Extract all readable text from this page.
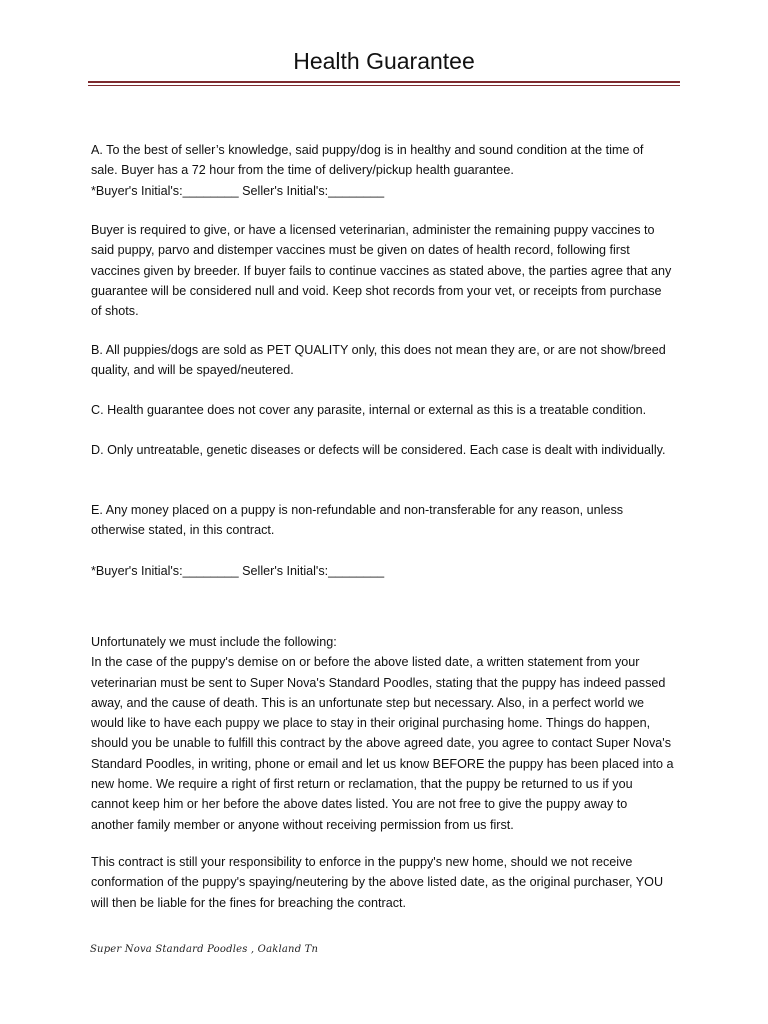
Health Guarantee
A. To the best of seller’s knowledge, said puppy/dog is in healthy and sound condition at the time of
sale. Buyer has a 72 hour from the time of delivery/pickup health guarantee.
*Buyer's Initial's:________ Seller's Initial's:________
Buyer is required to give, or have a licensed veterinarian, administer the remaining puppy vaccines to
said puppy, parvo and distemper vaccines must be given on dates of health record, following first
vaccines given by breeder. If buyer fails to continue vaccines as stated above, the parties agree that any
guarantee will be considered null and void. Keep shot records from your vet, or receipts from purchase
of shots.
B. All puppies/dogs are sold as PET QUALITY only, this does not mean they are, or are not show/breed
quality, and will be spayed/neutered.
C. Health guarantee does not cover any parasite, internal or external as this is a treatable condition.
D. Only untreatable, genetic diseases or defects will be considered. Each case is dealt with individually.
E. Any money placed on a puppy is non-refundable and non-transferable for any reason, unless
otherwise stated, in this contract.
*Buyer's Initial's:________ Seller's Initial's:________
Unfortunately we must include the following:
In the case of the puppy's demise on or before the above listed date, a written statement from your
veterinarian must be sent to Super Nova's Standard Poodles, stating that the puppy has indeed passed
away, and the cause of death. This is an unfortunate step but necessary. Also, in a perfect world we
would like to have each puppy we place to stay in their original purchasing home. Things do happen,
should you be unable to fulfill this contract by the above agreed date, you agree to contact Super Nova's
Standard Poodles, in writing, phone or email and let us know BEFORE the puppy has been placed into a
new home. We require a right of first return or reclamation, that the puppy be returned to us if you
cannot keep him or her before the above dates listed. You are not free to give the puppy away to
another family member or anyone without receiving permission from us first.
This contract is still your responsibility to enforce in the puppy's new home, should we not receive
conformation of the puppy's spaying/neutering by the above listed date, as the original purchaser, YOU
will then be liable for the fines for breaching the contract.
Super Nova Standard Poodles , Oakland Tn
